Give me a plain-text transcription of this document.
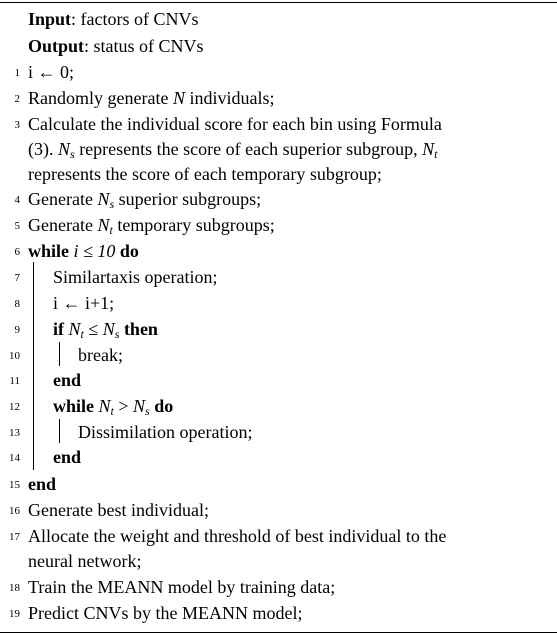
Input: factors of CNVs
Output: status of CNVs
1 i ← 0;
2 Randomly generate N individuals;
3 Calculate the individual score for each bin using Formula
(3). $N_s$ represents the score of each superior subgroup, $N_t$
represents the score of each temporary subgroup;
4 Generate $N_s$ superior subgroups;
5 Generate $N_t$ temporary subgroups;
6 while i ≤ 10 do
7 Similartaxis operation;
8 i ← i+1;
9 if $N_t \le N_s$ then
10	break;
11 end
12 while $N_t > N_s$ do
13	Dissimilation operation;
14 end
15 end
16 Generate best individual;
17 Allocate the weight and threshold of best individual to the
neural network;
18 Train the MEANN model by training data;
19 Predict CNVs by the MEANN model;
